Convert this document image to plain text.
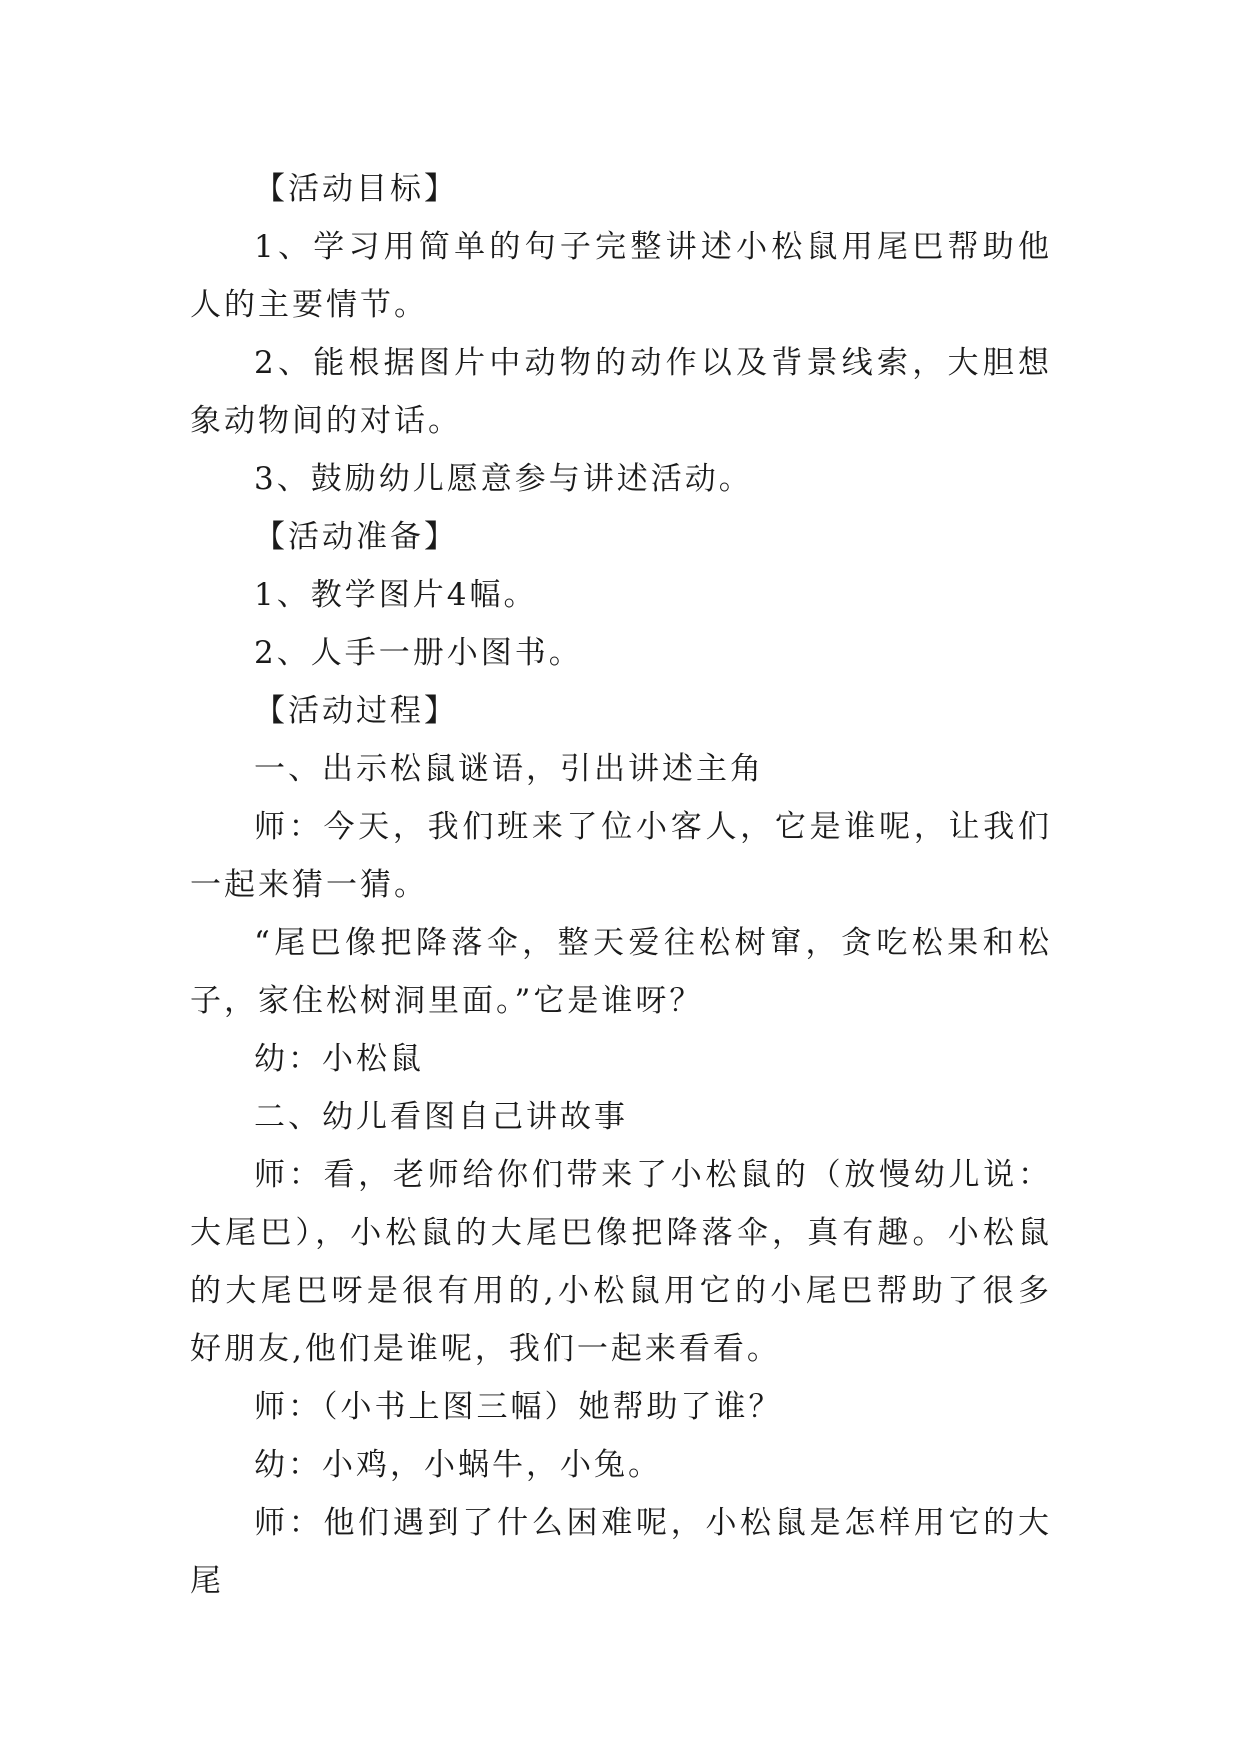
【活动目标】

1、学习用简单的句子完整讲述小松鼠用尾巴帮助他人的主要情节。

2、能根据图片中动物的动作以及背景线索，大胆想象动物间的对话。

3、鼓励幼儿愿意参与讲述活动。

【活动准备】

1、教学图片4幅。

2、人手一册小图书。

【活动过程】

一、出示松鼠谜语，引出讲述主角

师：今天，我们班来了位小客人，它是谁呢，让我们一起来猜一猜。

“尾巴像把降落伞，整天爱往松树窜，贪吃松果和松子，家住松树洞里面。”它是谁呀？

幼：小松鼠

二、幼儿看图自己讲故事

师：看，老师给你们带来了小松鼠的（放慢幼儿说：大尾巴），小松鼠的大尾巴像把降落伞，真有趣。小松鼠的大尾巴呀是很有用的,小松鼠用它的小尾巴帮助了很多好朋友,他们是谁呢，我们一起来看看。

师：（小书上图三幅）她帮助了谁？

幼：小鸡，小蜗牛，小兔。

师：他们遇到了什么困难呢，小松鼠是怎样用它的大尾
